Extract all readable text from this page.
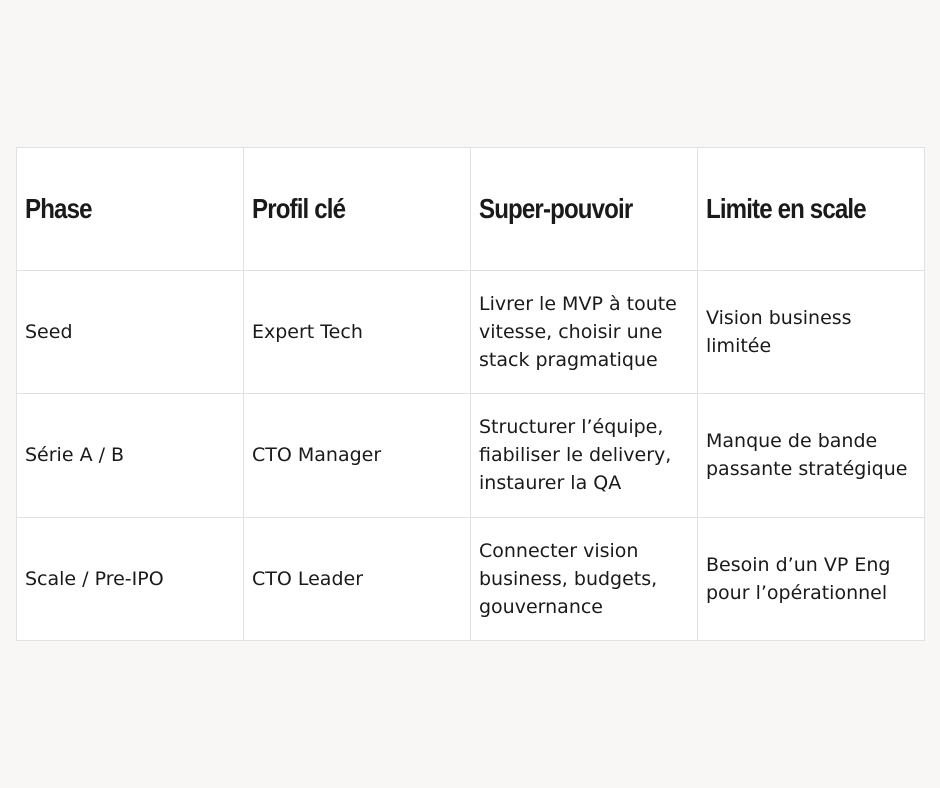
Phase	Profil clé	Super-pouvoir	Limite en scale
Seed	Expert Tech	Livrer le MVP à toute vitesse, choisir une stack pragmatique	Vision business limitée
Série A / B	CTO Manager	Structurer l’équipe, fiabiliser le delivery, instaurer la QA	Manque de bande passante stratégique
Scale / Pre-IPO	CTO Leader	Connecter vision business, budgets, gouvernance	Besoin d’un VP Eng pour l’opérationnel
